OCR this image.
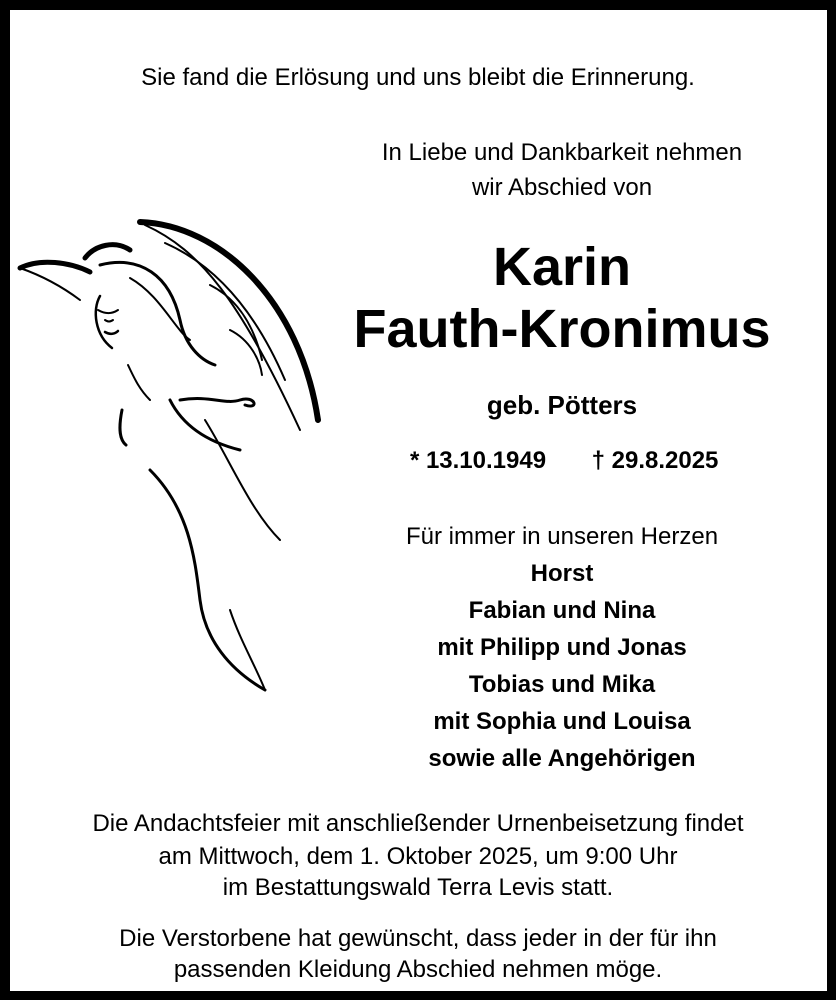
Sie fand die Erlösung und uns bleibt die Erinnerung.
In Liebe und Dankbarkeit nehmen
wir Abschied von
Karin
Fauth-Kronimus
geb. Pötters
* 13.10.1949 † 29.8.2025
Für immer in unseren Herzen
Horst
Fabian und Nina
mit Philipp und Jonas
Tobias und Mika
mit Sophia und Louisa
sowie alle Angehörigen
Die Andachtsfeier mit anschließender Urnenbeisetzung findet
am Mittwoch, dem 1. Oktober 2025, um 9:00 Uhr
im Bestattungswald Terra Levis statt.
Die Verstorbene hat gewünscht, dass jeder in der für ihn
passenden Kleidung Abschied nehmen möge.
